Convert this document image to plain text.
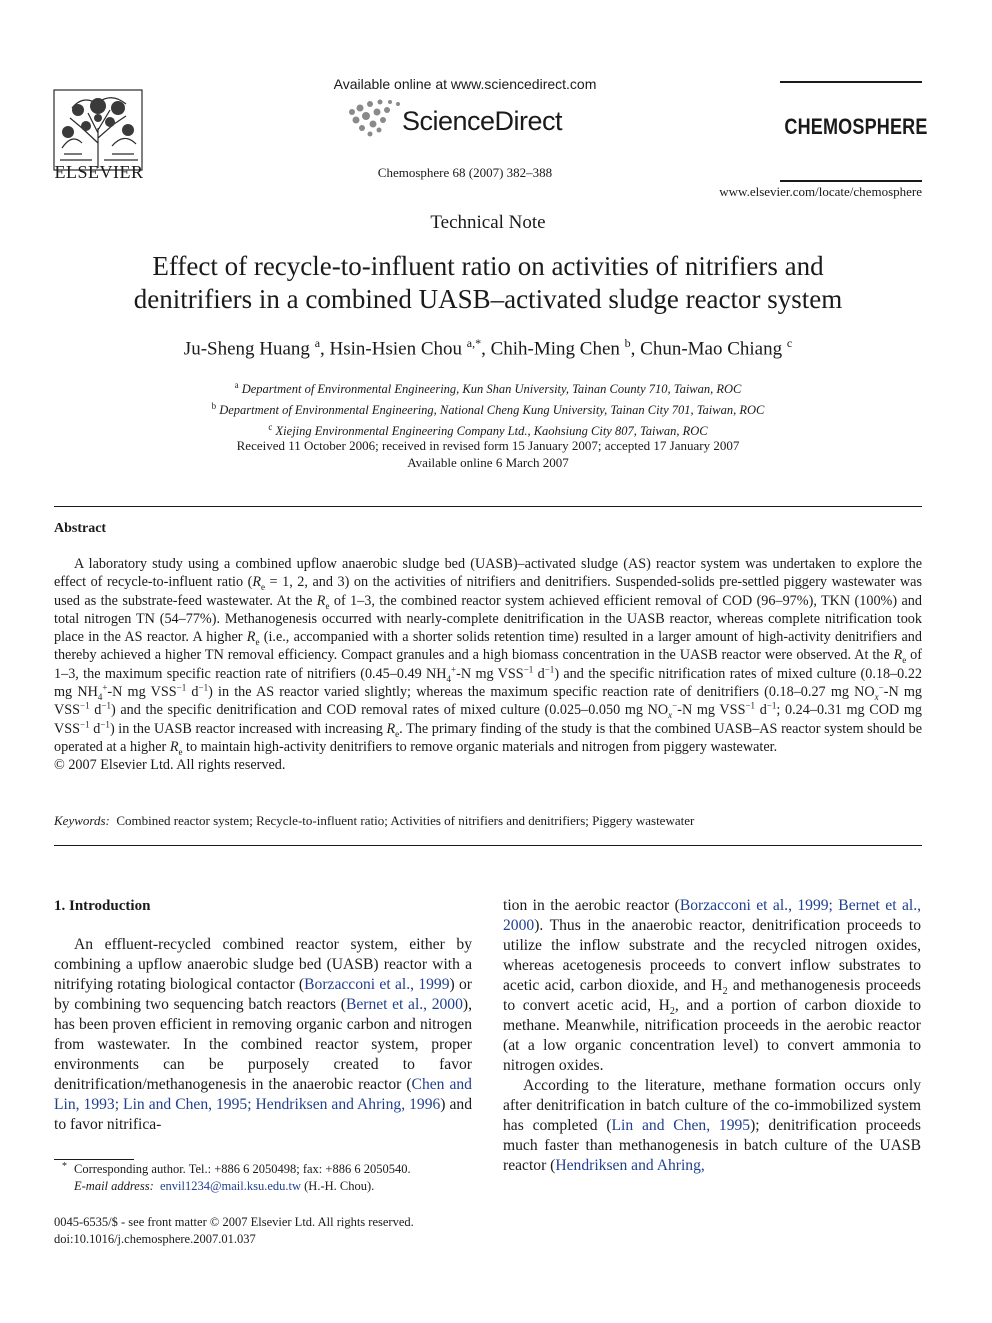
ELSEVIER
Available online at www.sciencedirect.com
ScienceDirect
Chemosphere 68 (2007) 382–388
CHEMOSPHERE
www.elsevier.com/locate/chemosphere
Technical Note
Effect of recycle-to-influent ratio on activities of nitrifiers and
denitrifiers in a combined UASB–activated sludge reactor system
Ju-Sheng Huang $^a$, Hsin-Hsien Chou $^{a,*}$, Chih-Ming Chen $^b$, Chun-Mao Chiang $^c$
$^a$ Department of Environmental Engineering, Kun Shan University, Tainan County 710, Taiwan, ROC
$^b$ Department of Environmental Engineering, National Cheng Kung University, Tainan City 701, Taiwan, ROC
$^c$ Xiejing Environmental Engineering Company Ltd., Kaohsiung City 807, Taiwan, ROC
Received 11 October 2006; received in revised form 15 January 2007; accepted 17 January 2007
Available online 6 March 2007
Abstract
A laboratory study using a combined upflow anaerobic sludge bed (UASB)–activated sludge (AS) reactor system was undertaken to explore the effect of recycle-to-influent ratio ($R_e = 1$, 2, and 3) on the activities of nitrifiers and denitrifiers. Suspended-solids pre-settled piggery wastewater was used as the substrate-feed wastewater. At the $R_e$ of 1–3, the combined reactor system achieved efficient removal of COD (96–97%), TKN (100%) and total nitrogen TN (54–77%). Methanogenesis occurred with nearly-complete denitrification in the UASB reactor, whereas complete nitrification took place in the AS reactor. A higher $R_e$ (i.e., accompanied with a shorter solids retention time) resulted in a larger amount of high-activity denitrifiers and thereby achieved a higher TN removal efficiency. Compact granules and a high biomass concentration in the UASB reactor were observed. At the $R_e$ of 1–3, the maximum specific reaction rate of nitrifiers (0.45–0.49 $NH_4^+-N$ mg $VSS^{-1}$ $d^{-1}$) and the specific nitrification rates of mixed culture (0.18–0.22 mg $NH_4^+-N$ mg $VSS^{-1}$ $d^{-1}$) in the AS reactor varied slightly; whereas the maximum specific reaction rate of denitrifiers (0.18–0.27 mg $NO_x^--N$ mg $VSS^{-1}$ $d^{-1}$) and the specific denitrification and COD removal rates of mixed culture (0.025–0.050 mg $NO_x^--N$ mg $VSS^{-1}$ $d^{-1}$; 0.24–0.31 mg COD mg $VSS^{-1}$ $d^{-1}$) in the UASB reactor increased with increasing $R_e$. The primary finding of the study is that the combined UASB–AS reactor system should be operated at a higher $R_e$ to maintain high-activity denitrifiers to remove organic materials and nitrogen from piggery wastewater.
© 2007 Elsevier Ltd. All rights reserved.
Keywords: Combined reactor system; Recycle-to-influent ratio; Activities of nitrifiers and denitrifiers; Piggery wastewater
1. Introduction

An effluent-recycled combined reactor system, either by combining a upflow anaerobic sludge bed (UASB) reactor with a nitrifying rotating biological contactor (Borzacconi et al., 1999) or by combining two sequencing batch reactors (Bernet et al., 2000), has been proven efficient in removing organic carbon and nitrogen from wastewater. In the combined reactor system, proper environments can be purposely created to favor denitrification/methanogenesis in the anaerobic reactor (Chen and Lin, 1993; Lin and Chen, 1995; Hendriksen and Ahring, 1996) and to favor nitrifica-

tion in the aerobic reactor (Borzacconi et al., 1999; Bernet et al., 2000). Thus in the anaerobic reactor, denitrification proceeds to utilize the inflow substrate and the recycled nitrogen oxides, whereas acetogenesis proceeds to convert inflow substrates to acetic acid, carbon dioxide, and $H_2$ and methanogenesis proceeds to convert acetic acid, $H_2$, and a portion of carbon dioxide to methane. Meanwhile, nitrification proceeds in the aerobic reactor (at a low organic concentration level) to convert ammonia to nitrogen oxides.

According to the literature, methane formation occurs only after denitrification in batch culture of the co-immobilized system has completed (Lin and Chen, 1995); denitrification proceeds much faster than methanogenesis in batch culture of the UASB reactor (Hendriksen and Ahring,

* Corresponding author. Tel.: +886 6 2050498; fax: +886 6 2050540.
E-mail address: envil1234@mail.ksu.edu.tw (H.-H. Chou).
0045-6535/$ - see front matter © 2007 Elsevier Ltd. All rights reserved.
doi:10.1016/j.chemosphere.2007.01.037
